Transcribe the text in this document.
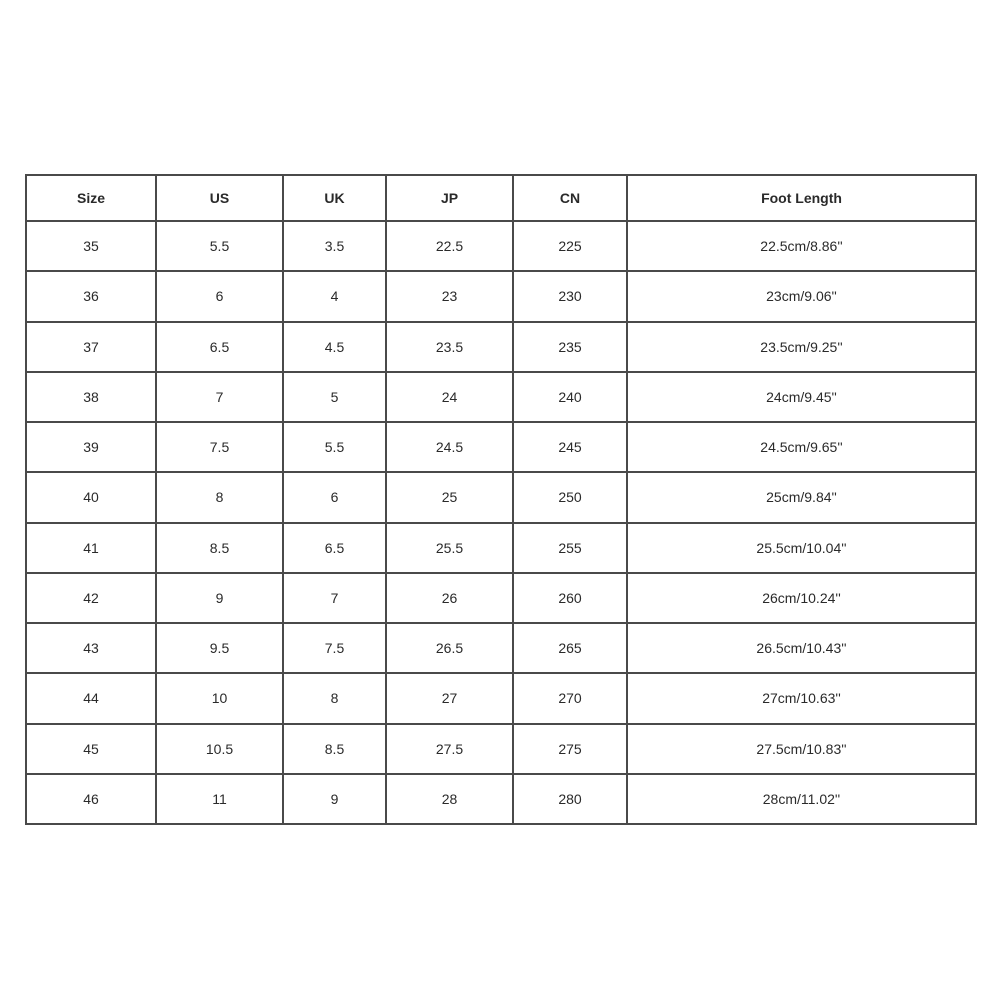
Size	US	UK	JP	CN	Foot Length
35	5.5	3.5	22.5	225	22.5cm/8.86''
36	6	4	23	230	23cm/9.06''
37	6.5	4.5	23.5	235	23.5cm/9.25''
38	7	5	24	240	24cm/9.45''
39	7.5	5.5	24.5	245	24.5cm/9.65''
40	8	6	25	250	25cm/9.84''
41	8.5	6.5	25.5	255	25.5cm/10.04''
42	9	7	26	260	26cm/10.24''
43	9.5	7.5	26.5	265	26.5cm/10.43''
44	10	8	27	270	27cm/10.63''
45	10.5	8.5	27.5	275	27.5cm/10.83''
46	11	9	28	280	28cm/11.02''
